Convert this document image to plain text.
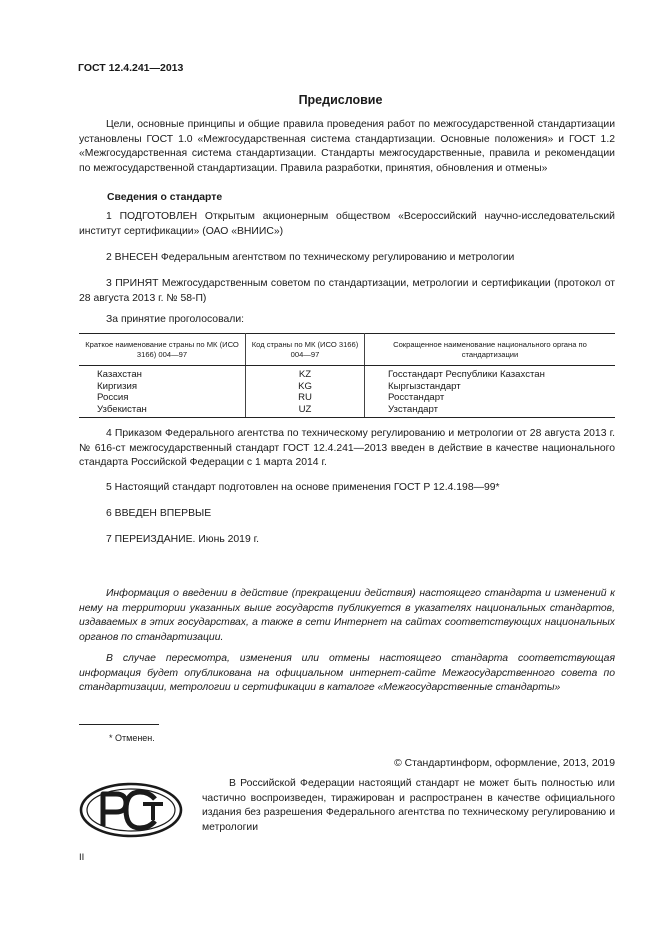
ГОСТ 12.4.241—2013
Предисловие
Цели, основные принципы и общие правила проведения работ по межгосударственной стандартизации установлены ГОСТ 1.0 «Межгосударственная система стандартизации. Основные положения» и ГОСТ 1.2 «Межгосударственная система стандартизации. Стандарты межгосударственные, правила и рекомендации по межгосударственной стандартизации. Правила разработки, принятия, обновления и отмены»
Сведения о стандарте
1 ПОДГОТОВЛЕН Открытым акционерным обществом «Всероссийский научно-исследовательский институт сертификации» (ОАО «ВНИИС»)
2 ВНЕСЕН Федеральным агентством по техническому регулированию и метрологии
3 ПРИНЯТ Межгосударственным советом по стандартизации, метрологии и сертификации (протокол от 28 августа 2013 г. № 58-П)
За принятие проголосовали:
Краткое наименование страны по МК (ИСО 3166) 004—97	Код страны по МК (ИСО 3166) 004—97	Сокращенное наименование национального органа по стандартизации
Казахстан	KZ	Госстандарт Республики Казахстан
Киргизия	KG	Кыргызстандарт
Россия	RU	Росстандарт
Узбекистан	UZ	Узстандарт
4 Приказом Федерального агентства по техническому регулированию и метрологии от 28 августа 2013 г. № 616-ст межгосударственный стандарт ГОСТ 12.4.241—2013 введен в действие в качестве национального стандарта Российской Федерации с 1 марта 2014 г.
5 Настоящий стандарт подготовлен на основе применения ГОСТ Р 12.4.198—99*
6 ВВЕДЕН ВПЕРВЫЕ
7 ПЕРЕИЗДАНИЕ. Июнь 2019 г.
Информация о введении в действие (прекращении действия) настоящего стандарта и изменений к нему на территории указанных выше государств публикуется в указателях национальных стандартов, издаваемых в этих государствах, а также в сети Интернет на сайтах соответствующих национальных органов по стандартизации.
В случае пересмотра, изменения или отмены настоящего стандарта соответствующая информация будет опубликована на официальном интернет-сайте Межгосударственного совета по стандартизации, метрологии и сертификации в каталоге «Межгосударственные стандарты»
* Отменен.
© Стандартинформ, оформление, 2013, 2019
В Российской Федерации настоящий стандарт не может быть полностью или частично воспроизведен, тиражирован и распространен в качестве официального издания без разрешения Федерального агентства по техническому регулированию и метрологии
II
